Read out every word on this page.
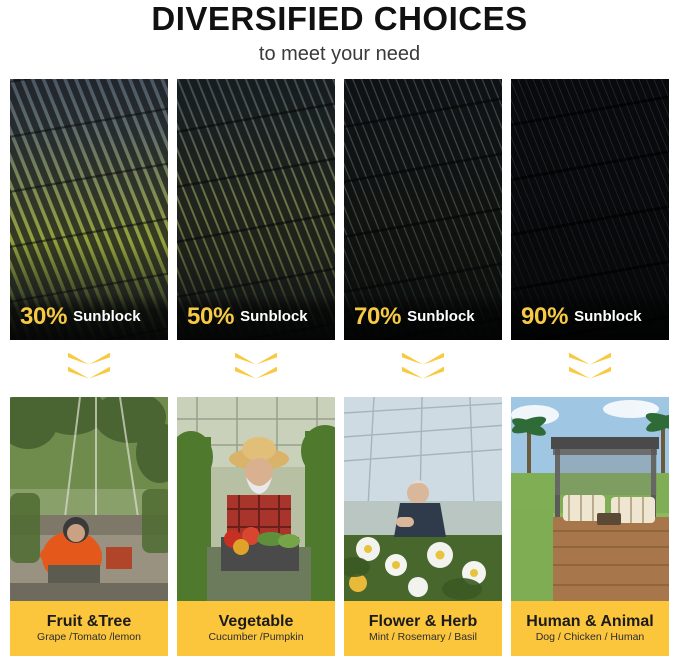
DIVERSIFIED CHOICES
to meet your need
30% Sunblock 50% Sunblock 70% Sunblock 90% Sunblock
Fruit &Tree
Grape /Tomato /lemon
Vegetable
Cucumber /Pumpkin
Flower & Herb
Mint / Rosemary / Basil
Human & Animal
Dog / Chicken / Human
